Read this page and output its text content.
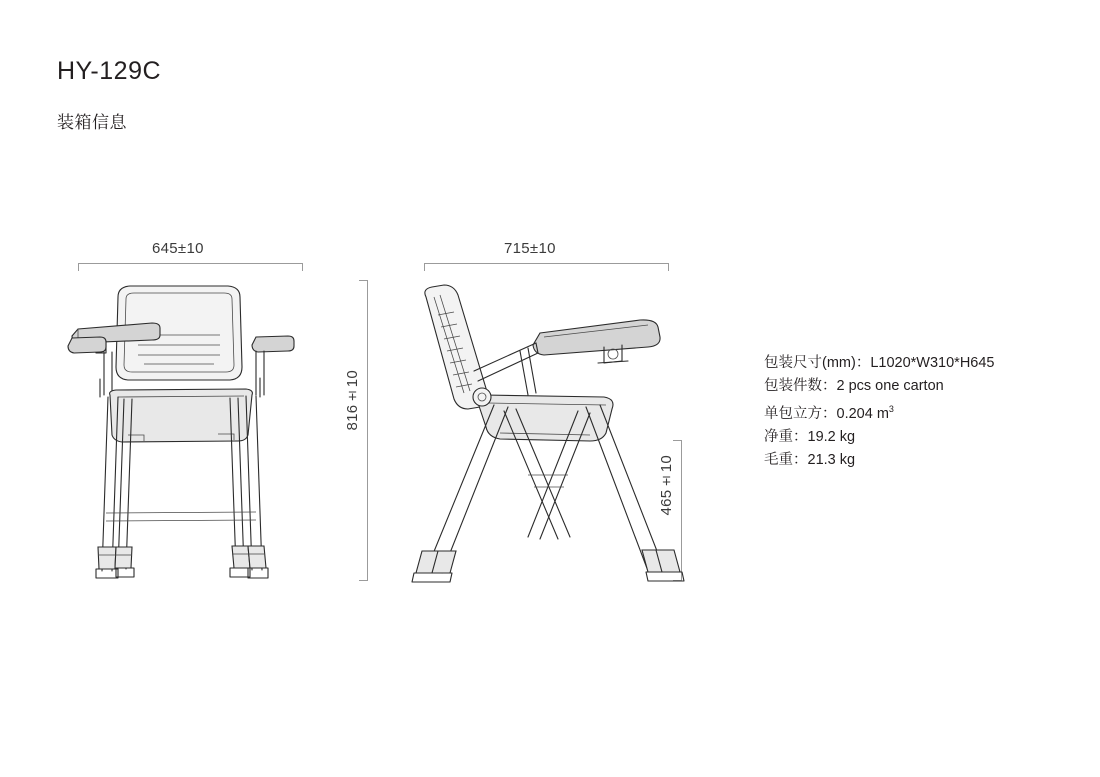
HY-129C
装箱信息
645±10	715±10
816±10
465±10
包装尺寸(mm)：L1020*W310*H645
包装件数：2 pcs one carton
单包立方：0.204 $m^3$
净重：19.2 kg
毛重：21.3 kg
